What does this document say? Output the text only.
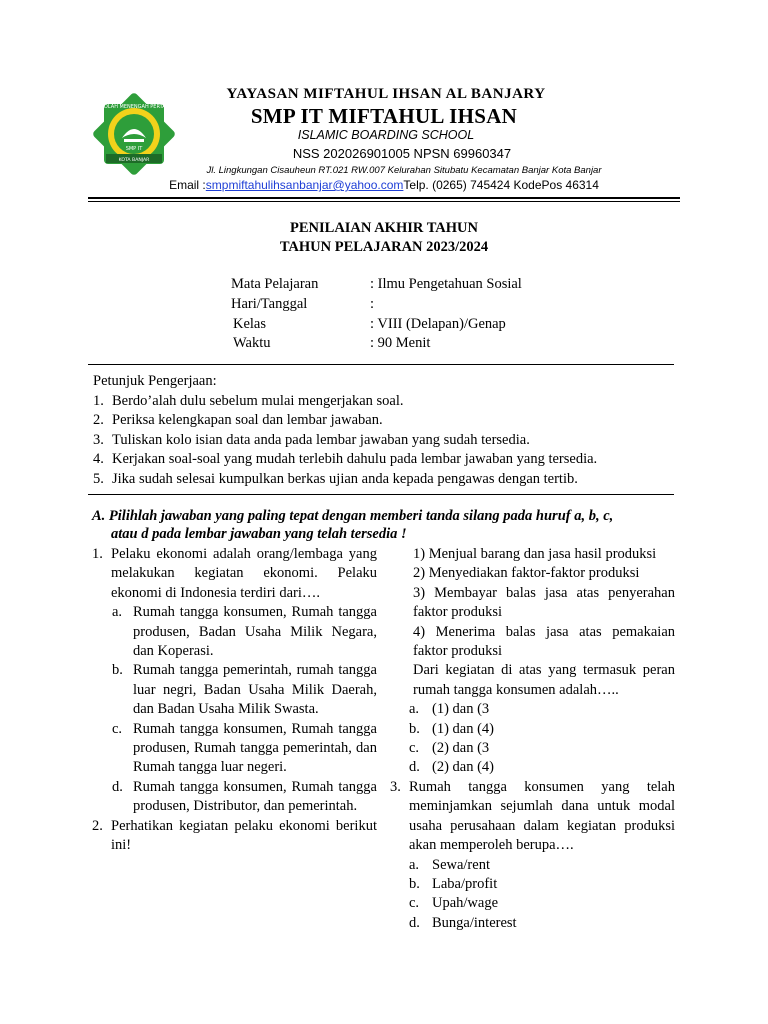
SEKOLAH MENENGAH PERTAMA
SMP IT
KOTA BANJAR
YAYASAN MIFTAHUL IHSAN AL BANJARY
SMP IT MIFTAHUL IHSAN
ISLAMIC BOARDING SCHOOL
NSS 202026901005 NPSN 69960347
Jl. Lingkungan Cisauheun RT.021 RW.007 Kelurahan Situbatu Kecamatan Banjar Kota Banjar
Email :smpmiftahulihsanbanjar@yahoo.comTelp. (0265) 745424 KodePos 46314
PENILAIAN AKHIR TAHUN
TAHUN PELAJARAN 2023/2024
Mata Pelajaran	: Ilmu Pengetahuan Sosial
Hari/Tanggal	:
Kelas	: VIII (Delapan)/Genap
Waktu	: 90 Menit
Petunjuk Pengerjaan:
1. Berdo’alah dulu sebelum mulai mengerjakan soal.
2. Periksa kelengkapan soal dan lembar jawaban.
3. Tuliskan kolo isian data anda pada lembar jawaban yang sudah tersedia.
4. Kerjakan soal-soal yang mudah terlebih dahulu pada lembar jawaban yang tersedia.
5. Jika sudah selesai kumpulkan berkas ujian anda kepada pengawas dengan tertib.
A. Pilihlah jawaban yang paling tepat dengan memberi tanda silang pada huruf a, b, c,
atau d pada lembar jawaban yang telah tersedia !
1. Pelaku ekonomi adalah orang/lembaga yang melakukan kegiatan ekonomi. Pelaku ekonomi di Indonesia terdiri dari….
a. Rumah tangga konsumen, Rumah tangga produsen, Badan Usaha Milik Negara, dan Koperasi.
b. Rumah tangga pemerintah, rumah tangga luar negri, Badan Usaha Milik Daerah, dan Badan Usaha Milik Swasta.
c. Rumah tangga konsumen, Rumah tangga produsen, Rumah tangga pemerintah, dan Rumah tangga luar negeri.
d. Rumah tangga konsumen, Rumah tangga produsen, Distributor, dan pemerintah.
2. Perhatikan kegiatan pelaku ekonomi berikut ini!
1) Menjual barang dan jasa hasil produksi
2) Menyediakan faktor-faktor produksi
3) Membayar balas jasa atas penyerahan faktor produksi
4) Menerima balas jasa atas pemakaian faktor produksi
Dari kegiatan di atas yang termasuk peran rumah tangga konsumen adalah…..
a. (1) dan (3
b. (1) dan (4)
c. (2) dan (3
d. (2) dan (4)
3. Rumah tangga konsumen yang telah meminjamkan sejumlah dana untuk modal usaha perusahaan dalam kegiatan produksi akan memperoleh berupa….
a. Sewa/rent
b. Laba/profit
c. Upah/wage
d. Bunga/interest
